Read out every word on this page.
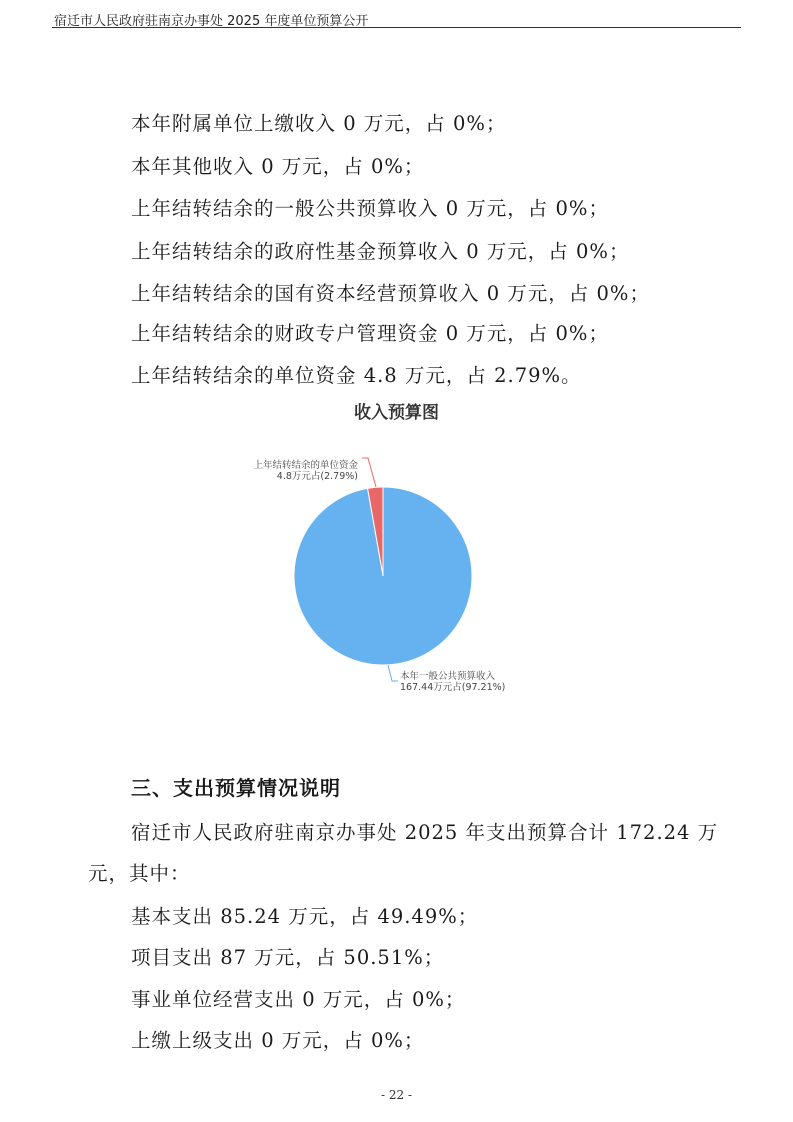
宿迁市人民政府驻南京办事处 2025 年度单位预算公开
本年附属单位上缴收入 0 万元，占 0%；
本年其他收入 0 万元，占 0%；
上年结转结余的一般公共预算收入 0 万元，占 0%；
上年结转结余的政府性基金预算收入 0 万元，占 0%；
上年结转结余的国有资本经营预算收入 0 万元，占 0%；
上年结转结余的财政专户管理资金 0 万元，占 0%；
上年结转结余的单位资金 4.8 万元，占 2.79%。
收入预算图
上年结转结余的单位资金
4.8万元占(2.79%)
本年一般公共预算收入
167.44万元占(97.21%)
三、支出预算情况说明
宿迁市人民政府驻南京办事处 2025 年支出预算合计 172.24 万
元，其中：
基本支出 85.24 万元，占 49.49%；
项目支出 87 万元，占 50.51%；
事业单位经营支出 0 万元，占 0%；
上缴上级支出 0 万元，占 0%；
- 22 -
